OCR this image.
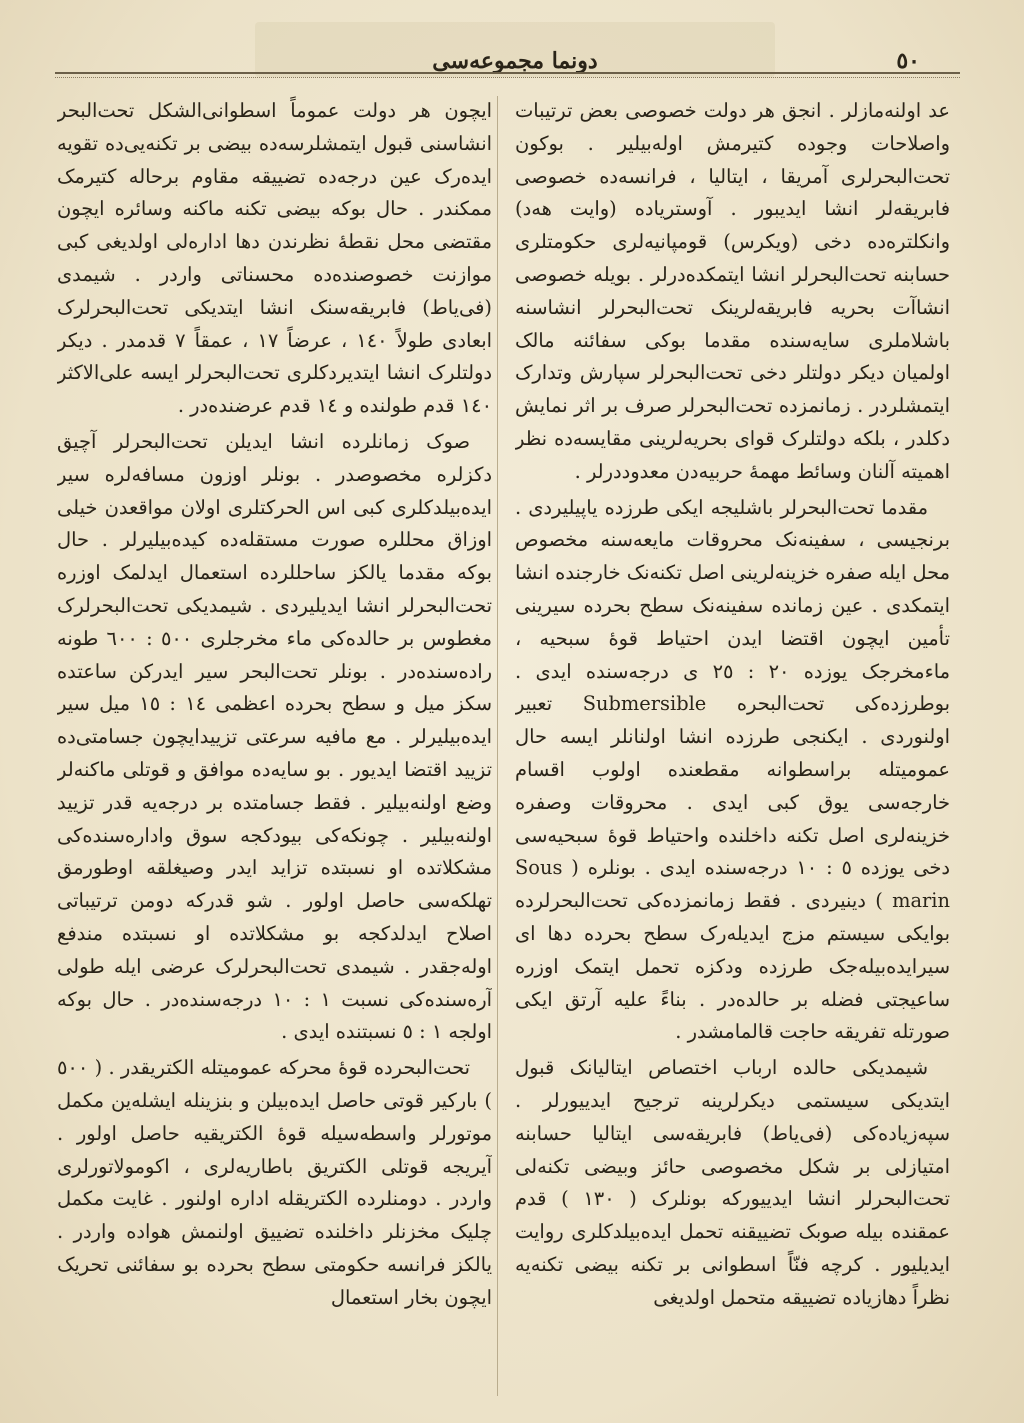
٥٠
دونما مجموعەسی

عد اولنەمازلر . انجق هر دولت خصوصی بعض ترتیبات واصلاحات وجوده کتیرمش اولەبیلیر . بوکون تحت‌البحرلری آمریقا ، ایتالیا ، فرانسەدە خصوصی فابریقەلر انشا ایدیبور . آوستریادە (وایت هەد) وانکلترەدە دخی (ویکرس) قومپانیەلری حکومتلری حسابنە تحت‌البحرلر انشا ایتمکدەدرلر . بویلە خصوصی انشاآت بحریە فابریقەلرینک تحت‌البحرلر انشاسنە باشلاملری سایەسندە مقدما بوکی سفائنە مالک اولمیان دیکر دولتلر دخی تحت‌البحرلر سپارش وتدارک ایتمشلردر . زمانمزدە تحت‌البحرلر صرف بر اثر نمایش دکلدر ، بلکە دولتلرک قوای بحریەلرینی مقایسەدە نظر اهمیتە آلنان وسائط مهمۀ حربیەدن معدوددرلر .

مقدما تحت‌البحرلر باشلیجە ایکی طرزدە یاپیلیردی . برنجیسی ، سفینەنک محروقات مایعەسنە مخصوص محل ایلە صفره خزینەلرینی اصل تکنەنک خارجندە انشا ایتمکدی . عین زماندە سفینەنک سطح بحردە سیرینی تأمین ایچون اقتضا ایدن احتیاط قوۀ سبحیە ، ماءمخرجک یوزدە ٢٠ : ٢٥ ی درجەسندە ایدی . بوطرزدەکی تحت‌البحرە Submersible تعبیر اولنوردی . ایکنجی طرزدە انشا اولنانلر ایسە حال عمومیتلە براسطوانە مقطعندە اولوب اقسام خارجەسی یوق کبی ایدی . محروقات وصفره خزینەلری اصل تکنە داخلندە واحتیاط قوۀ سبحیەسی دخی یوزدە ٥ : ١٠ درجەسندە ایدی . بونلرە ( Sous marin ) دینیردی . فقط زمانمزدەکی تحت‌البحرلردە بوایکی سیستم مزج ایدیلەرک سطح بحردە دها ای سیرایدەبیلەجک طرزدە ودکزە تحمل ایتمک اوزرە ساعیجتی فضلە بر حالدەدر . بناءً علیه آرتق ایکی صورتلە تفریقە حاجت قالمامشدر .

شیمدیکی حالدە ارباب اختصاص ایتالیانک قبول ایتدیکی سیستمی دیکرلرینە ترجیح ایدییورلر . سپەزیادەکی (فی‌یاط) فابریقەسی ایتالیا حسابنە امتیازلی بر شکل مخصوصی حائز وبیضی تکنەلی تحت‌البحرلر انشا ایدییورکە بونلرک ( ١٣٠ ) قدم عمقندە بیلە صوبک تضییقنە تحمل ایدەبیلدکلری روایت ایدیلیور . کرچە فنّاً اسطوانی بر تکنە بیضی تکنەیە نظراً دهازیادە تضییقە متحمل اولدیغی

ایچون هر دولت عموماً اسطوانی‌الشکل تحت‌البحر انشاسنی قبول ایتمشلرسەدە بیضی بر تکنەیی‌دە تقویە ایدەرک عین درجەدە تضییقە مقاوم برحالە کتیرمک ممکندر . حال بوکە بیضی تکنە ماکنە وسائرە ایچون مقتضی محل نقطۀ نظرندن دها ادارەلی اولدیغی کبی موازنت خصوصندەدە محسناتی واردر . شیمدی (فی‌یاط) فابریقەسنک انشا ایتدیکی تحت‌البحرلرک ابعادی طولاً ١٤٠ ، عرضاً ١٧ ، عمقاً ٧ قدمدر . دیکر دولتلرک انشا ایتدیردکلری تحت‌البحرلر ایسە علی‌الاکثر ١٤٠ قدم طولندە و ١٤ قدم عرضندەدر .

صوک زمانلردە انشا ایدیلن تحت‌البحرلر آچیق دکزلرە مخصوصدر . بونلر اوزون مسافەلرە سیر ایدەبیلدکلری کبی اس الحرکتلری اولان مواقعدن خیلی اوزاق محللرە صورت مستقلەدە کیدەبیلیرلر . حال بوکە مقدما یالکز ساحللردە استعمال ایدلمک اوزرە تحت‌البحرلر انشا ایدیلیردی . شیمدیکی تحت‌البحرلرک مغطوس بر حالدەکی ماء مخرجلری ٥٠٠ : ٦٠٠ طونە رادەسندەدر . بونلر تحت‌البحر سیر ایدرکن ساعتدە سکز میل و سطح بحردە اعظمی ١٤ : ١٥ میل سیر ایدەبیلیرلر . مع مافیە سرعتی تزییدایچون جسامتی‌دە تزیید اقتضا ایدیور . بو سایەدە موافق و قوتلی ماکنەلر وضع اولنەبیلیر . فقط جسامتدە بر درجەیە قدر تزیید اولنەبیلیر . چونکەکی بیودکجە سوق وادارەسندەکی مشکلاتدە او نسبتدە تزاید ایدر وصیغلقە اوطورمق تهلکەسی حاصل اولور . شو قدرکە دومن ترتیباتی اصلاح ایدلدکجە بو مشکلاتدە او نسبتدە مندفع اولەجقدر . شیمدی تحت‌البحرلرک عرضی ایلە طولی آرەسندەکی نسبت ١ : ١٠ درجەسندەدر . حال بوکە اولجە ١ : ٥ نسبتندە ایدی .

تحت‌البحردە قوۀ محرکە عمومیتلە الکتریقدر . ( ٥٠٠ ) بارکیر قوتی حاصل ایدەبیلن و بنزینلە ایشلەین مکمل موتورلر واسطەسیلە قوۀ الکتریقیە حاصل اولور . آیریجە قوتلی الکتریق باطاریەلری ، اکومولاتورلری واردر . دومنلردە الکتریقلە ادارە اولنور . غایت مکمل چلیک مخزنلر داخلندە تضییق اولنمش هوادە واردر . یالکز فرانسە حکومتی سطح بحردە بو سفائنی تحریک ایچون بخار استعمال
